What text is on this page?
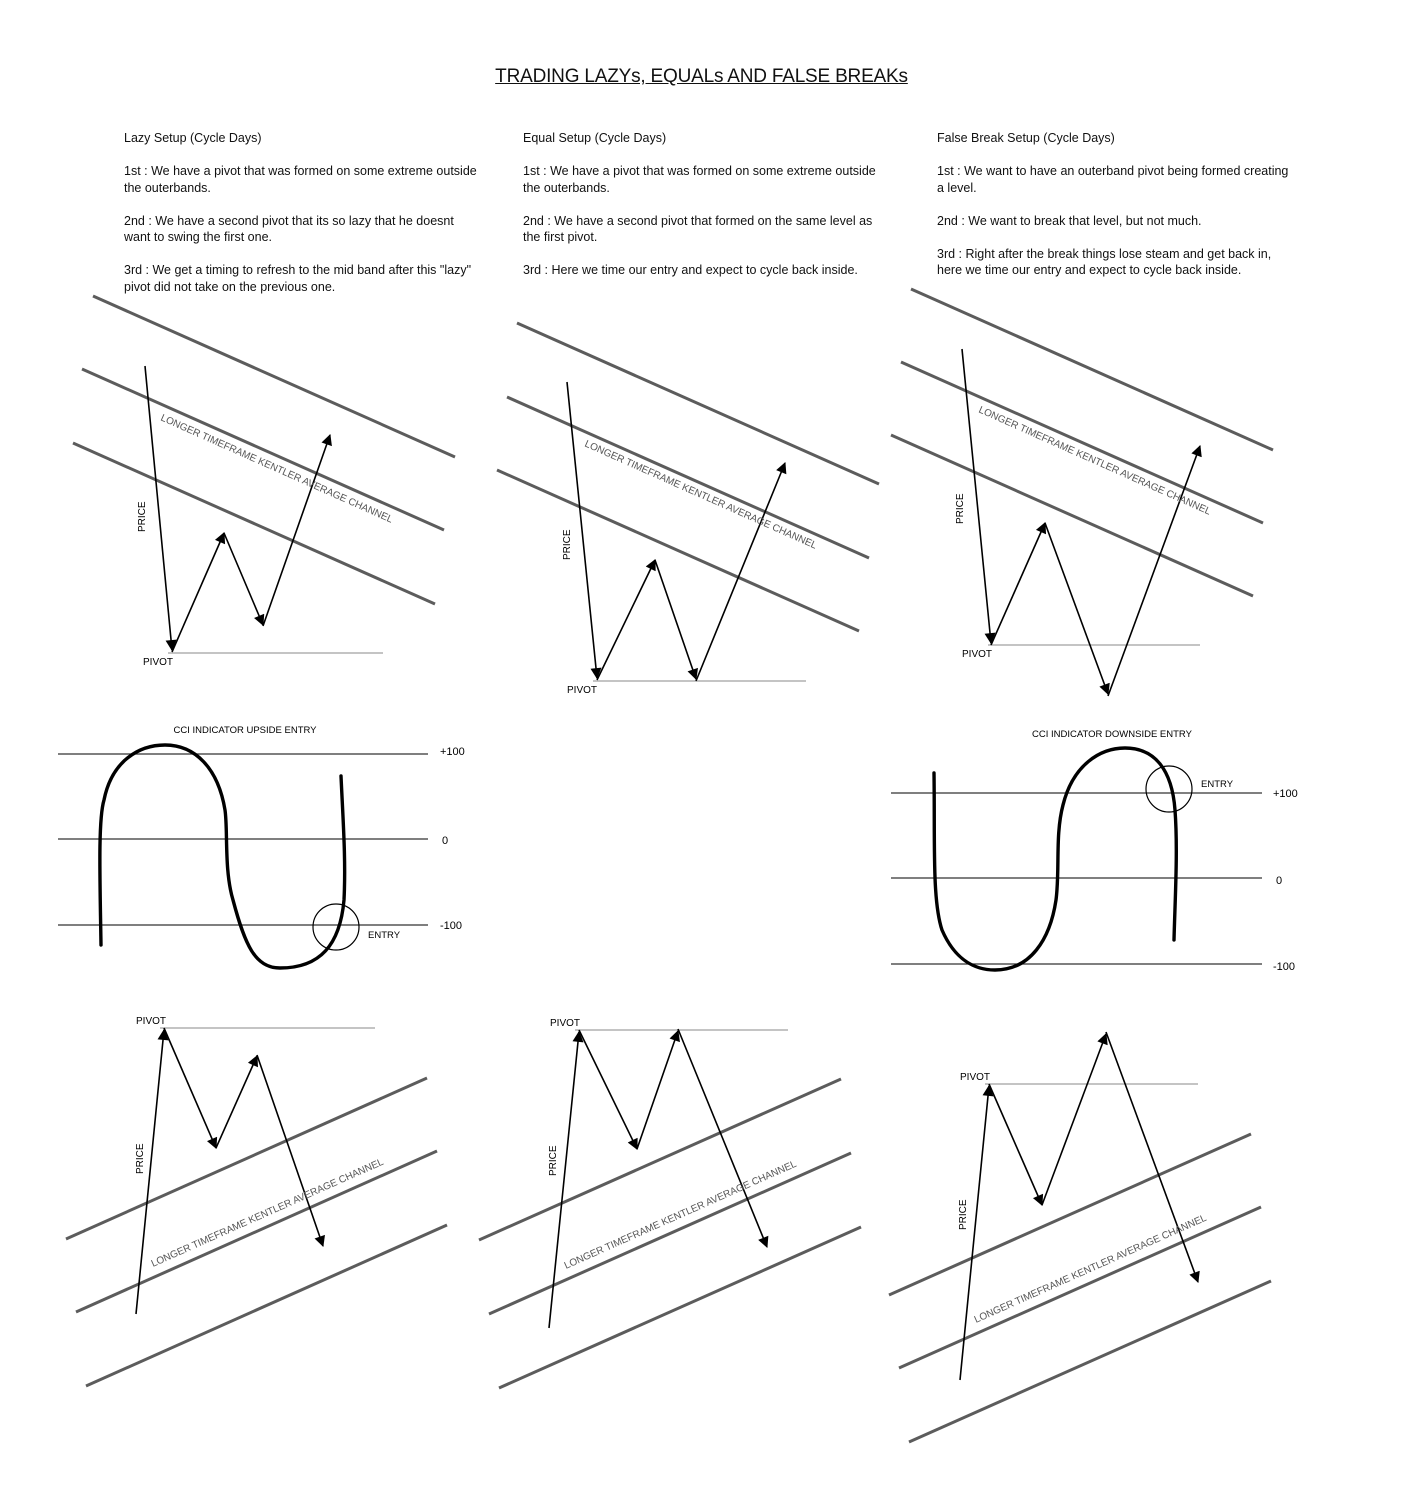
TRADING LAZYs, EQUALs AND FALSE BREAKs

Lazy Setup (Cycle Days)

1st : We have a pivot that was formed on some extreme outside
the outerbands.

2nd : We have a second pivot that its so lazy that he doesnt
want to swing the first one.

3rd : We get a timing to refresh to the mid band after this "lazy"
pivot did not take on the previous one.

Equal Setup (Cycle Days)

1st : We have a pivot that was formed on some extreme outside
the outerbands.

2nd : We have a second pivot that formed on the same level as
the first pivot.

3rd : Here we time our entry and expect to cycle back inside.

False Break Setup (Cycle Days)

1st : We want to have an outerband pivot being formed creating
a level.

2nd : We want to break that level, but not much.

3rd : Right after the break things lose steam and get back in,
here we time our entry and expect to cycle back inside.

PRICE
PIVOT
LONGER TIMEFRAME KENTLER AVERAGE CHANNEL
PRICE
PIVOT
LONGER TIMEFRAME KENTLER AVERAGE CHANNEL	PRICE
PIVOT
LONGER TIMEFRAME KENTLER AVERAGE CHANNEL
CCI INDICATOR UPSIDE ENTRY
+100
0
-100
ENTRY
CCI INDICATOR DOWNSIDE ENTRY
+100
0
-100
ENTRY
PRICE
PIVOT
LONGER TIMEFRAME KENTLER AVERAGE CHANNEL	PRICE
PIVOT
LONGER TIMEFRAME KENTLER AVERAGE CHANNEL	PRICE
PIVOT
LONGER TIMEFRAME KENTLER AVERAGE CHANNEL
